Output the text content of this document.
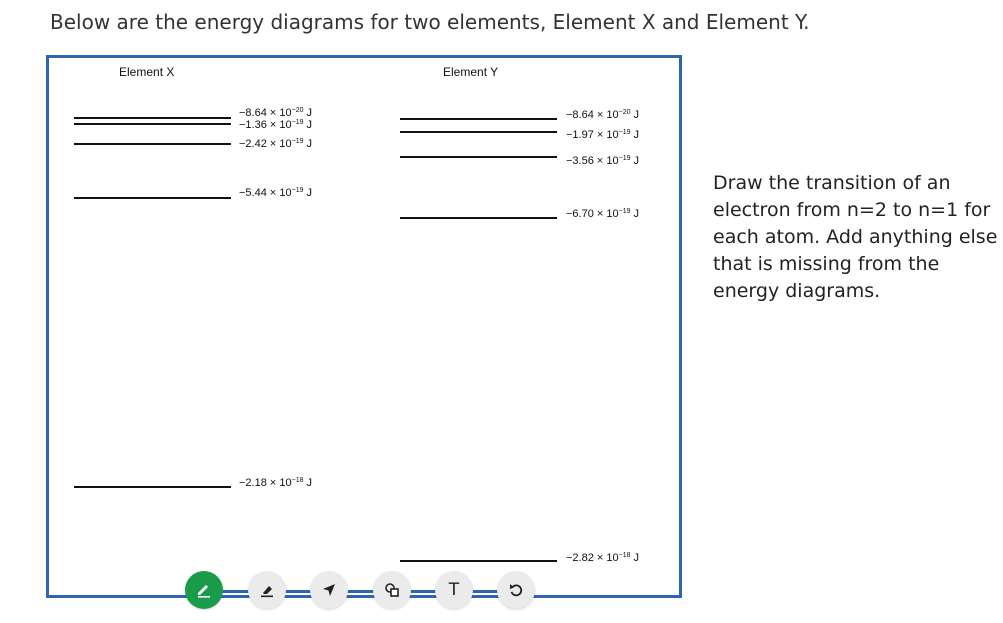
Below are the energy diagrams for two elements, Element X and Element Y.
Element X	Element Y
$-8.64 \times 10^{-20}$ J
$-1.36 \times 10^{-19}$ J
$-2.42 \times 10^{-19}$ J
$-5.44 \times 10^{-19}$ J
$-2.18 \times 10^{-18}$ J
$-8.64 \times 10^{-20}$ J
$-1.97 \times 10^{-19}$ J
$-3.56 \times 10^{-19}$ J
$-6.70 \times 10^{-19}$ J
$-2.82 \times 10^{-18}$ J
Draw the transition of an electron from n=2 to n=1 for each atom. Add anything else that is missing from the energy diagrams.
T
